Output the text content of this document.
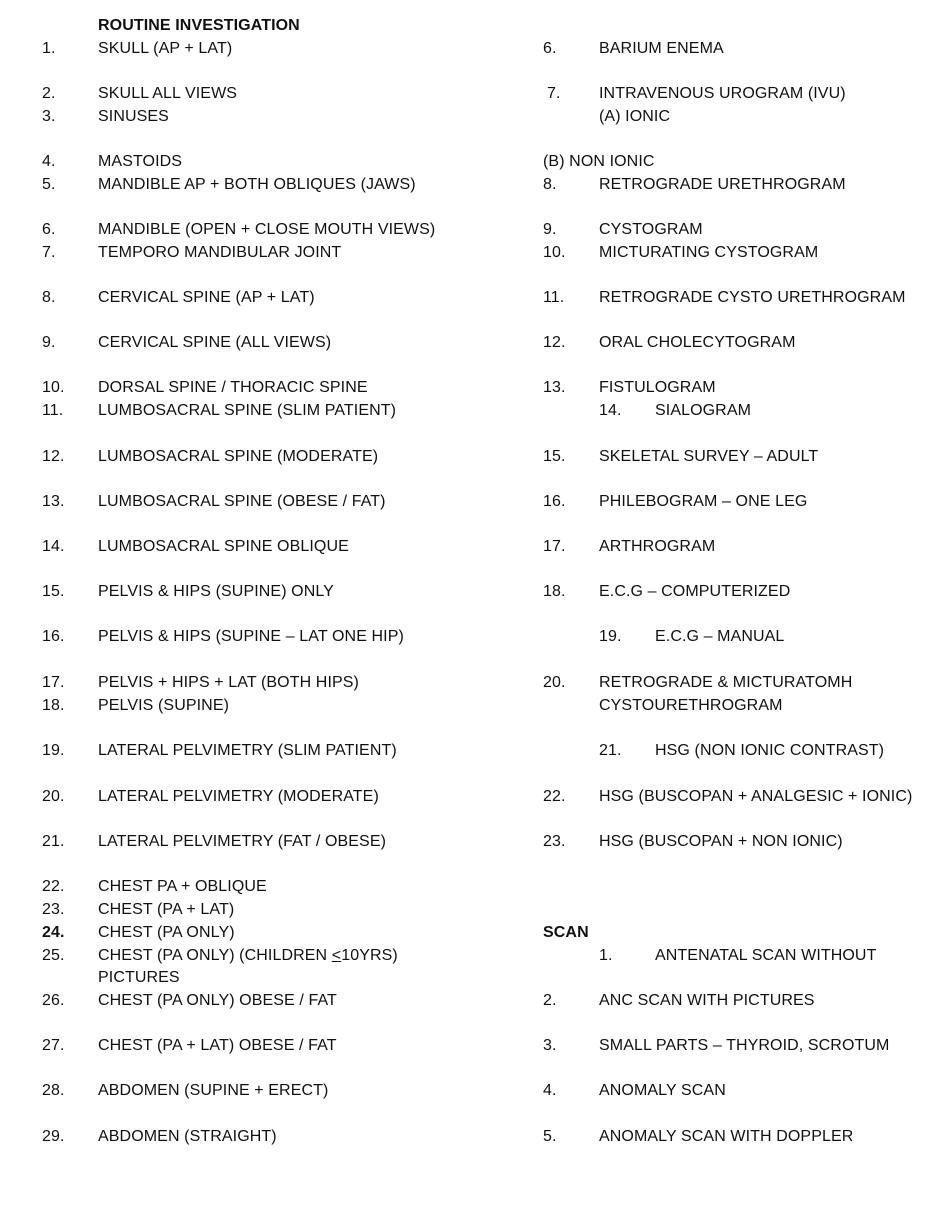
ROUTINE INVESTIGATION
1.	SKULL (AP + LAT)
2.	SKULL ALL VIEWS
3.	SINUSES
4.	MASTOIDS
5.	MANDIBLE AP + BOTH OBLIQUES (JAWS)
6.	MANDIBLE (OPEN + CLOSE MOUTH VIEWS)
7.	TEMPORO MANDIBULAR JOINT
8.	CERVICAL SPINE (AP + LAT)
9.	CERVICAL SPINE (ALL VIEWS)
10. DORSAL SPINE / THORACIC SPINE
11. LUMBOSACRAL SPINE (SLIM PATIENT)
12. LUMBOSACRAL SPINE (MODERATE)
13. LUMBOSACRAL SPINE (OBESE / FAT)
14. LUMBOSACRAL SPINE OBLIQUE
15. PELVIS & HIPS (SUPINE) ONLY
16. PELVIS & HIPS (SUPINE – LAT ONE HIP)
17. PELVIS + HIPS + LAT (BOTH HIPS)
18. PELVIS (SUPINE)
19. LATERAL PELVIMETRY (SLIM PATIENT)
20. LATERAL PELVIMETRY (MODERATE)
21. LATERAL PELVIMETRY (FAT / OBESE)
22. CHEST PA + OBLIQUE
23. CHEST (PA + LAT)
24. CHEST (PA ONLY)
25. CHEST (PA ONLY) (CHILDREN ≤10YRS)
PICTURES
26. CHEST (PA ONLY) OBESE / FAT
27. CHEST (PA + LAT) OBESE / FAT
28. ABDOMEN (SUPINE + ERECT)
29. ABDOMEN (STRAIGHT)
6.	BARIUM ENEMA
7. INTRAVENOUS UROGRAM (IVU)
(A) IONIC
(B) NON IONIC
8.	RETROGRADE URETHROGRAM
9.	CYSTOGRAM
10. MICTURATING CYSTOGRAM
11. RETROGRADE CYSTO URETHROGRAM
12. ORAL CHOLECYTOGRAM
13. FISTULOGRAM
14. SIALOGRAM
15. SKELETAL SURVEY – ADULT
16. PHILEBOGRAM – ONE LEG
17. ARTHROGRAM
18. E.C.G – COMPUTERIZED
19. E.C.G – MANUAL
20. RETROGRADE & MICTURATOMH
CYSTOURETHROGRAM
21. HSG (NON IONIC CONTRAST)
22. HSG (BUSCOPAN + ANALGESIC + IONIC)
23. HSG (BUSCOPAN + NON IONIC)
SCAN
1.	ANTENATAL SCAN WITHOUT
2.	ANC SCAN WITH PICTURES
3.	SMALL PARTS – THYROID, SCROTUM
4.	ANOMALY SCAN
5.	ANOMALY SCAN WITH DOPPLER
